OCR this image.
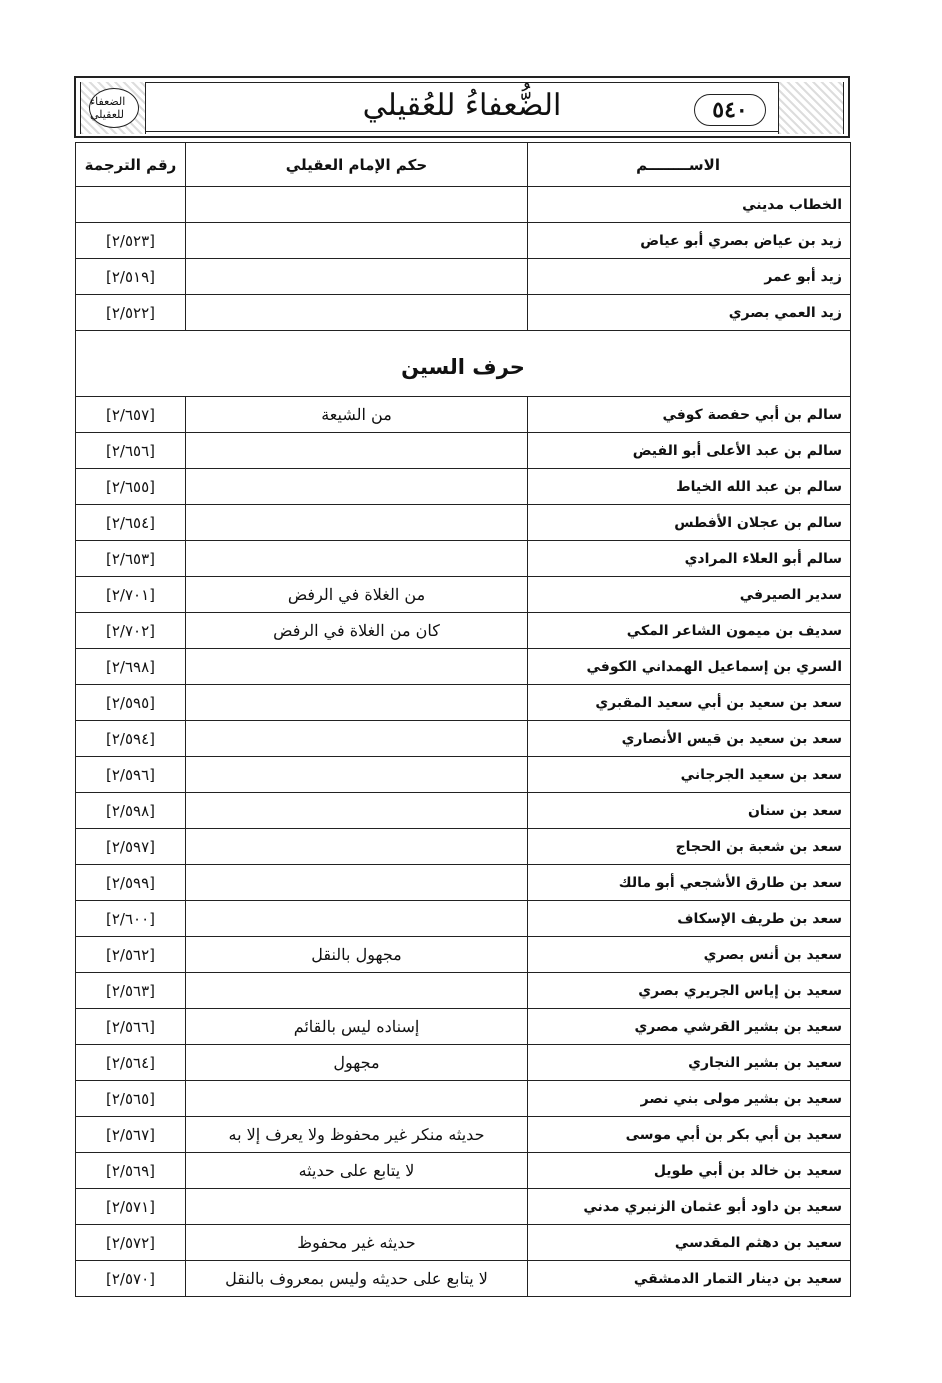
الضعفاء للعقيلي	٥٤٠
الضُّعفاءُ للعُقيلي
الاســــــــم	حكم الإمام العقيلي	رقم الترجمة
الخطاب مديني		
زيد بن عياض بصري أبو عياض		[٢/٥٢٣]
زيد أبو عمر		[٢/٥١٩]
زيد العمي بصري		[٢/٥٢٢]
حرف السين		
سالم بن أبي حفصة كوفي	من الشيعة	[٢/٦٥٧]
سالم بن عبد الأعلى أبو الفيض		[٢/٦٥٦]
سالم بن عبد الله الخياط		[٢/٦٥٥]
سالم بن عجلان الأفطس		[٢/٦٥٤]
سالم أبو العلاء المرادي		[٢/٦٥٣]
سدير الصيرفي	من الغلاة في الرفض	[٢/٧٠١]
سديف بن ميمون الشاعر المكي	كان من الغلاة في الرفض	[٢/٧٠٢]
السري بن إسماعيل الهمداني الكوفي		[٢/٦٩٨]
سعد بن سعيد بن أبي سعيد المقبري		[٢/٥٩٥]
سعد بن سعيد بن قيس الأنصاري		[٢/٥٩٤]
سعد بن سعيد الجرجاني		[٢/٥٩٦]
سعد بن سنان		[٢/٥٩٨]
سعد بن شعبة بن الحجاج		[٢/٥٩٧]
سعد بن طارق الأشجعي أبو مالك		[٢/٥٩٩]
سعد بن طريف الإسكاف		[٢/٦٠٠]
سعيد بن أنس بصري	مجهول بالنقل	[٢/٥٦٢]
سعيد بن إياس الجريري بصري		[٢/٥٦٣]
سعيد بن بشير القرشي مصري	إسناده ليس بالقائم	[٢/٥٦٦]
سعيد بن بشير النجاري	مجهول	[٢/٥٦٤]
سعيد بن بشير مولى بني نصر		[٢/٥٦٥]
سعيد بن أبي بكر بن أبي موسى	حديثه منكر غير محفوظ ولا يعرف إلا به	[٢/٥٦٧]
سعيد بن خالد بن أبي طويل	لا يتابع على حديثه	[٢/٥٦٩]
سعيد بن داود أبو عثمان الزنبري مدني		[٢/٥٧١]
سعيد بن دهثم المقدسي	حديثه غير محفوظ	[٢/٥٧٢]
سعيد بن دينار التمار الدمشقي	لا يتابع على حديثه وليس بمعروف بالنقل	[٢/٥٧٠]
